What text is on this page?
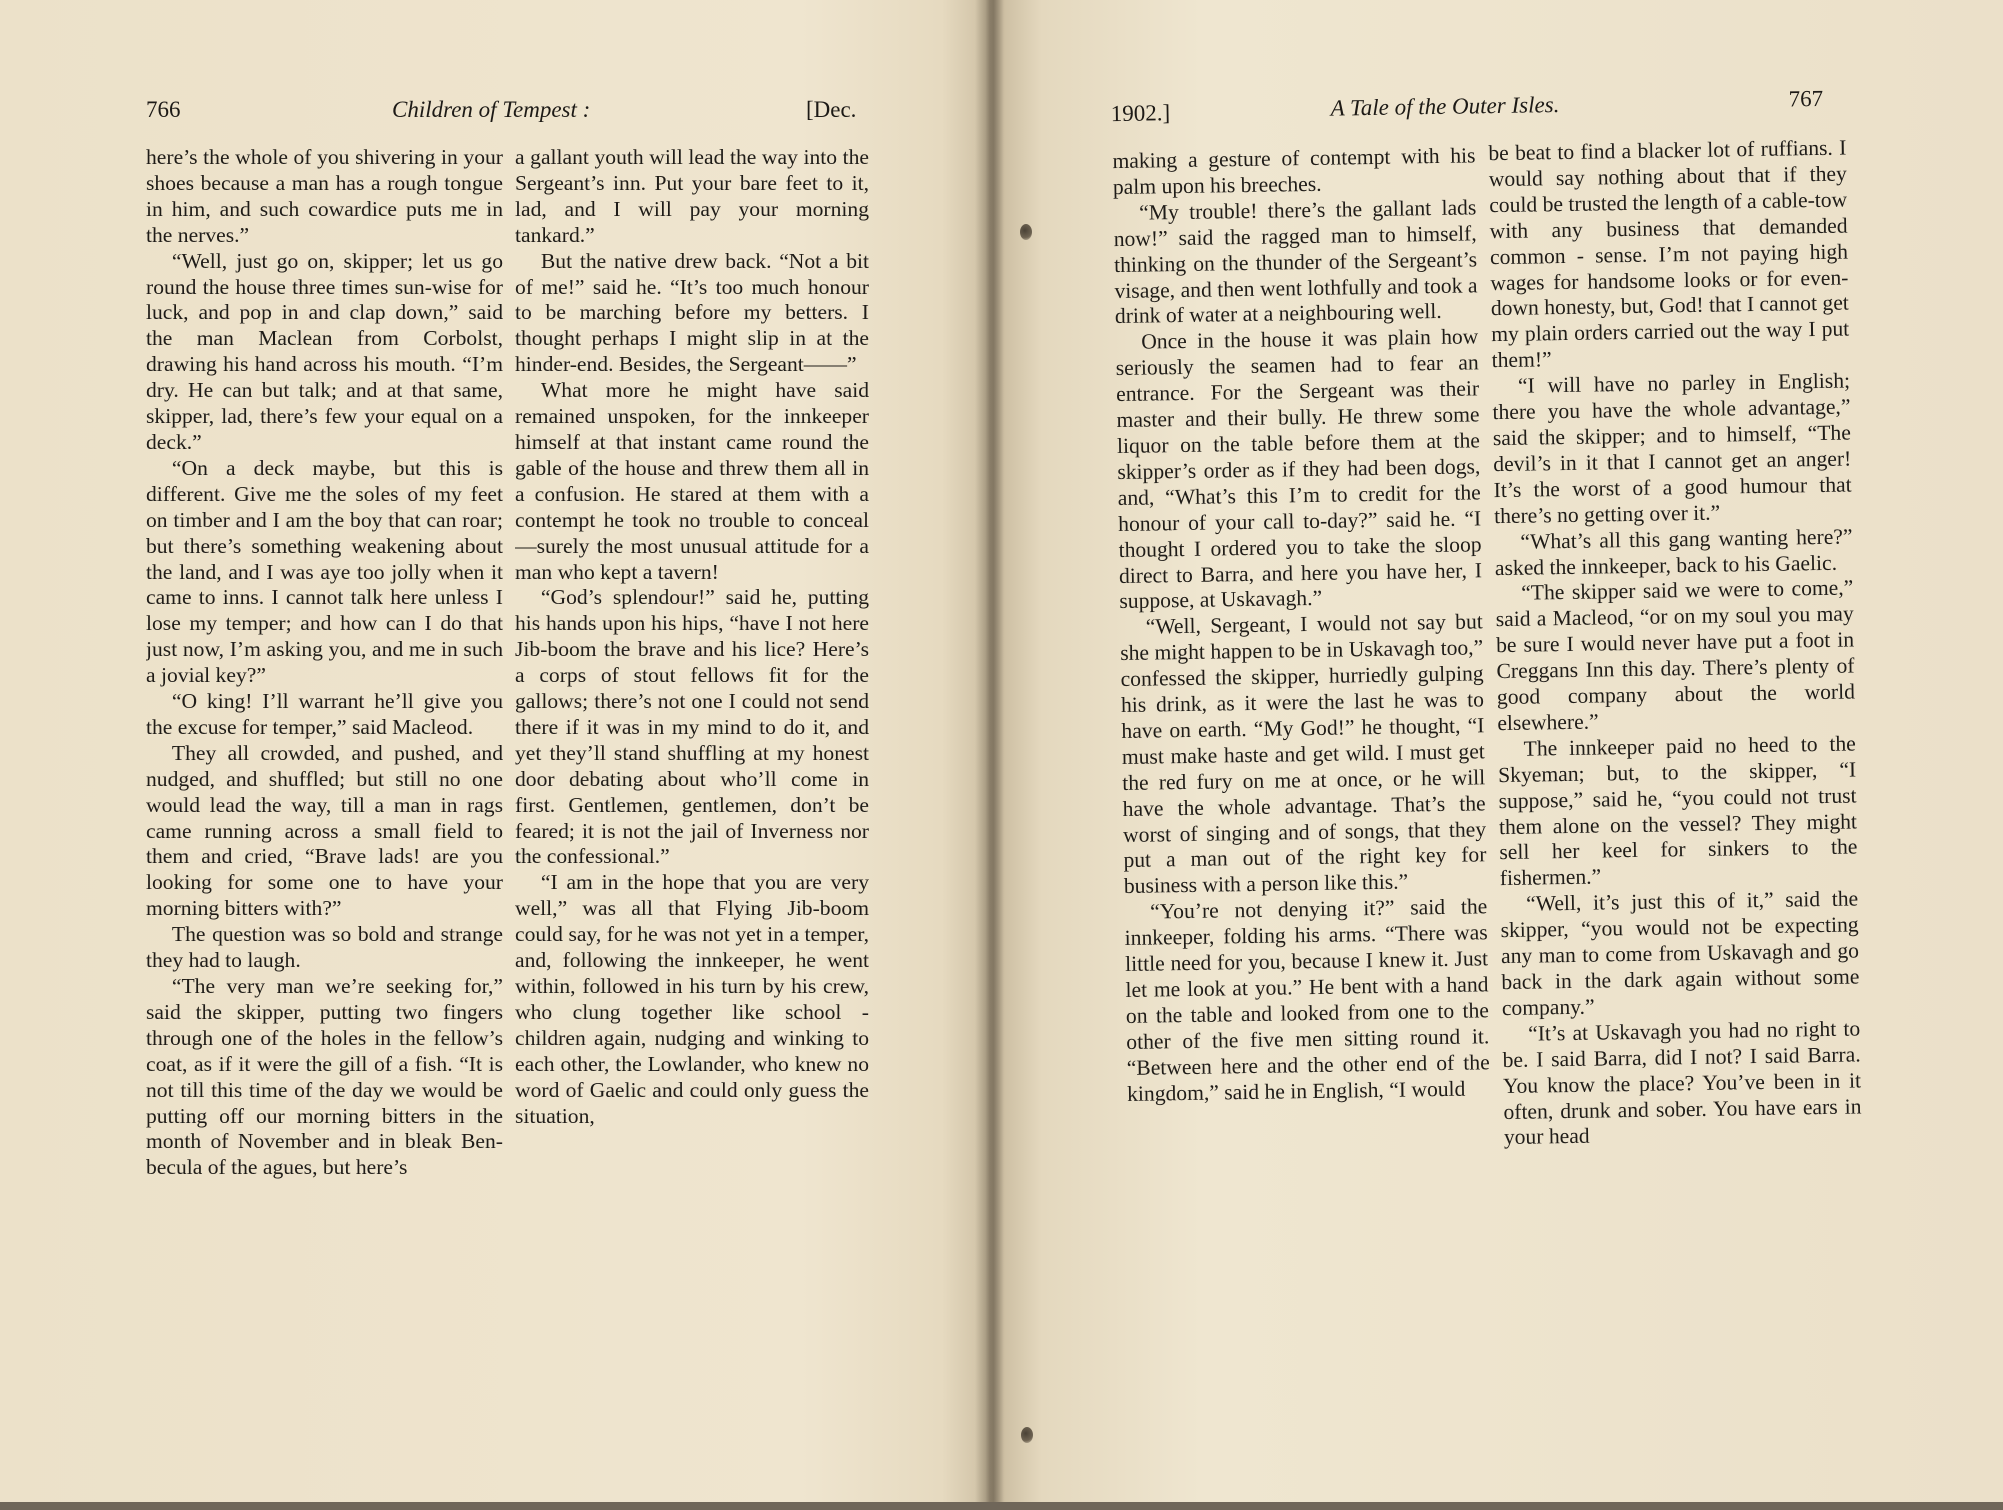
766	Children of Tempest :	[Dec.

here’s the whole of you shivering in your shoes because a man has a rough tongue in him, and such cowardice puts me in the nerves.”

“Well, just go on, skipper; let us go round the house three times sun-wise for luck, and pop in and clap down,” said the man Maclean from Corbolst, drawing his hand across his mouth. “I’m dry. He can but talk; and at that same, skipper, lad, there’s few your equal on a deck.”

“On a deck maybe, but this is different. Give me the soles of my feet on timber and I am the boy that can roar; but there’s something weakening about the land, and I was aye too jolly when it came to inns. I cannot talk here unless I lose my temper; and how can I do that just now, I’m asking you, and me in such a jovial key?”

“O king! I’ll warrant he’ll give you the excuse for temper,” said Macleod.

They all crowded, and pushed, and nudged, and shuffled; but still no one would lead the way, till a man in rags came running across a small field to them and cried, “Brave lads! are you looking for some one to have your morning bitters with?”

The question was so bold and strange they had to laugh.

“The very man we’re seeking for,” said the skipper, putting two fingers through one of the holes in the fellow’s coat, as if it were the gill of a fish. “It is not till this time of the day we would be putting off our morning bitters in the month of November and in bleak Benbecula of the agues, but here’s

a gallant youth will lead the way into the Sergeant’s inn. Put your bare feet to it, lad, and I will pay your morning tankard.”

But the native drew back. “Not a bit of me!” said he. “It’s too much honour to be marching before my betters. I thought perhaps I might slip in at the hinder-end. Besides, the Sergeant——”

What more he might have said remained unspoken, for the innkeeper himself at that instant came round the gable of the house and threw them all in a confusion. He stared at them with a contempt he took no trouble to conceal—surely the most unusual attitude for a man who kept a tavern!

“God’s splendour!” said he, putting his hands upon his hips, “have I not here Jib-boom the brave and his lice? Here’s a corps of stout fellows fit for the gallows; there’s not one I could not send there if it was in my mind to do it, and yet they’ll stand shuffling at my honest door debating about who’ll come in first. Gentlemen, gentlemen, don’t be feared; it is not the jail of Inverness nor the confessional.”

“I am in the hope that you are very well,” was all that Flying Jib-boom could say, for he was not yet in a temper, and, following the innkeeper, he went within, followed in his turn by his crew, who clung together like school - children again, nudging and winking to each other, the Lowlander, who knew no word of Gaelic and could only guess the situation,

1902.]	A Tale of the Outer Isles.	767

making a gesture of contempt with his palm upon his breeches.

“My trouble! there’s the gallant lads now!” said the ragged man to himself, thinking on the thunder of the Sergeant’s visage, and then went lothfully and took a drink of water at a neighbouring well.

Once in the house it was plain how seriously the seamen had to fear an entrance. For the Sergeant was their master and their bully. He threw some liquor on the table before them at the skipper’s order as if they had been dogs, and, “What’s this I’m to credit for the honour of your call to-day?” said he. “I thought I ordered you to take the sloop direct to Barra, and here you have her, I suppose, at Uskavagh.”

“Well, Sergeant, I would not say but she might happen to be in Uskavagh too,” confessed the skipper, hurriedly gulping his drink, as it were the last he was to have on earth. “My God!” he thought, “I must make haste and get wild. I must get the red fury on me at once, or he will have the whole advantage. That’s the worst of singing and of songs, that they put a man out of the right key for business with a person like this.”

“You’re not denying it?” said the innkeeper, folding his arms. “There was little need for you, because I knew it. Just let me look at you.” He bent with a hand on the table and looked from one to the other of the five men sitting round it. “Between here and the other end of the kingdom,” said he in English, “I would

be beat to find a blacker lot of ruffians. I would say nothing about that if they could be trusted the length of a cable-tow with any business that demanded common - sense. I’m not paying high wages for handsome looks or for even-down honesty, but, God! that I cannot get my plain orders carried out the way I put them!”

“I will have no parley in English; there you have the whole advantage,” said the skipper; and to himself, “The devil’s in it that I cannot get an anger! It’s the worst of a good humour that there’s no getting over it.”

“What’s all this gang wanting here?” asked the innkeeper, back to his Gaelic.

“The skipper said we were to come,” said a Macleod, “or on my soul you may be sure I would never have put a foot in Creggans Inn this day. There’s plenty of good company about the world elsewhere.”

The innkeeper paid no heed to the Skyeman; but, to the skipper, “I suppose,” said he, “you could not trust them alone on the vessel? They might sell her keel for sinkers to the fishermen.”

“Well, it’s just this of it,” said the skipper, “you would not be expecting any man to come from Uskavagh and go back in the dark again without some company.”

“It’s at Uskavagh you had no right to be. I said Barra, did I not? I said Barra. You know the place? You’ve been in it often, drunk and sober. You have ears in your head
